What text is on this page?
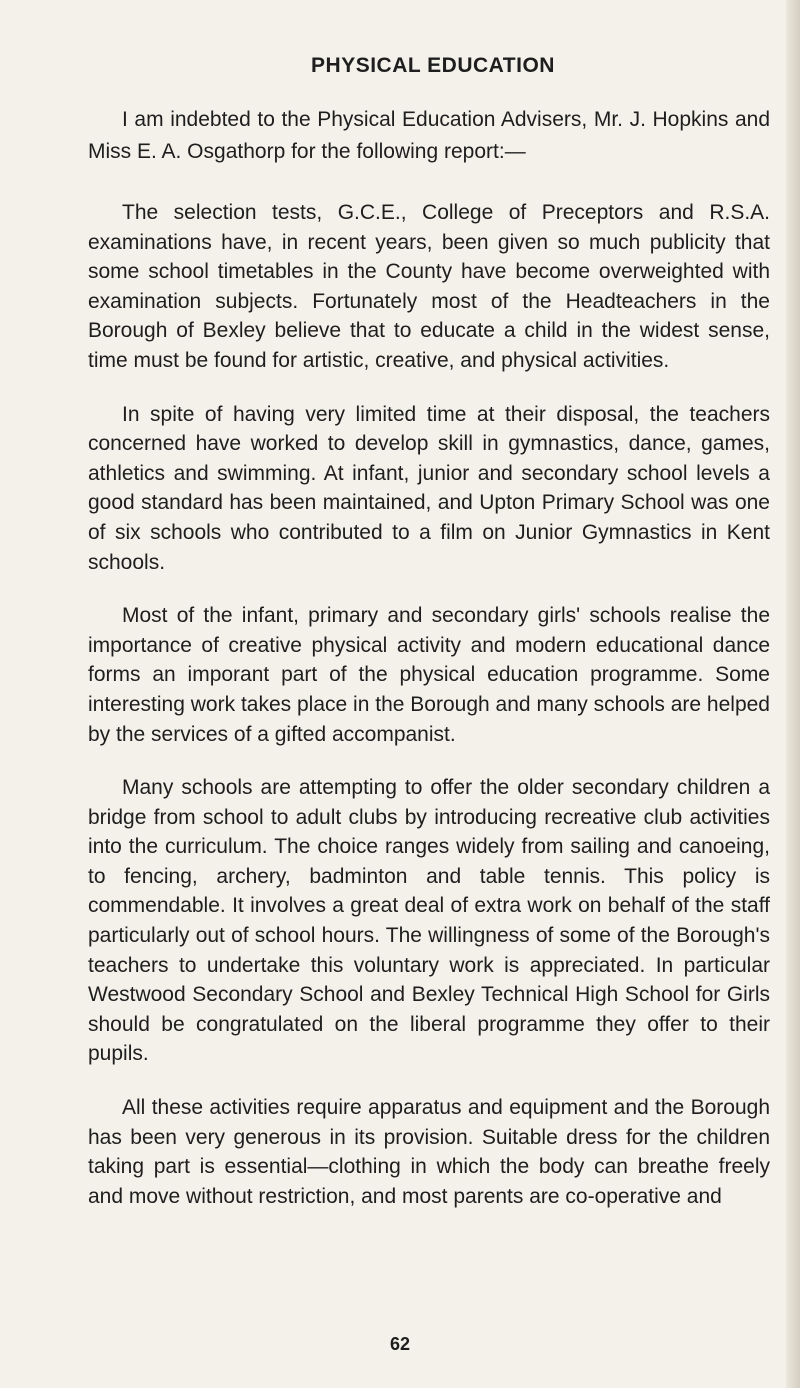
PHYSICAL EDUCATION

I am indebted to the Physical Education Advisers, Mr. J. Hopkins and Miss E. A. Osgathorp for the following report:—

The selection tests, G.C.E., College of Preceptors and R.S.A. examinations have, in recent years, been given so much publicity that some school timetables in the County have become overweighted with examination subjects. Fortunately most of the Headteachers in the Borough of Bexley believe that to educate a child in the widest sense, time must be found for artistic, creative, and physical activities.

In spite of having very limited time at their disposal, the teachers concerned have worked to develop skill in gymnastics, dance, games, athletics and swimming. At infant, junior and secondary school levels a good standard has been maintained, and Upton Primary School was one of six schools who contributed to a film on Junior Gymnastics in Kent schools.

Most of the infant, primary and secondary girls' schools realise the importance of creative physical activity and modern educational dance forms an imporant part of the physical education programme. Some interesting work takes place in the Borough and many schools are helped by the services of a gifted accompanist.

Many schools are attempting to offer the older secondary children a bridge from school to adult clubs by introducing recreative club activities into the curriculum. The choice ranges widely from sailing and canoeing, to fencing, archery, badminton and table tennis. This policy is commendable. It involves a great deal of extra work on behalf of the staff particularly out of school hours. The willingness of some of the Borough's teachers to undertake this voluntary work is appreciated. In particular Westwood Secondary School and Bexley Technical High School for Girls should be congratulated on the liberal programme they offer to their pupils.

All these activities require apparatus and equipment and the Borough has been very generous in its provision. Suitable dress for the children taking part is essential—clothing in which the body can breathe freely and move without restriction, and most parents are co-operative and

62
